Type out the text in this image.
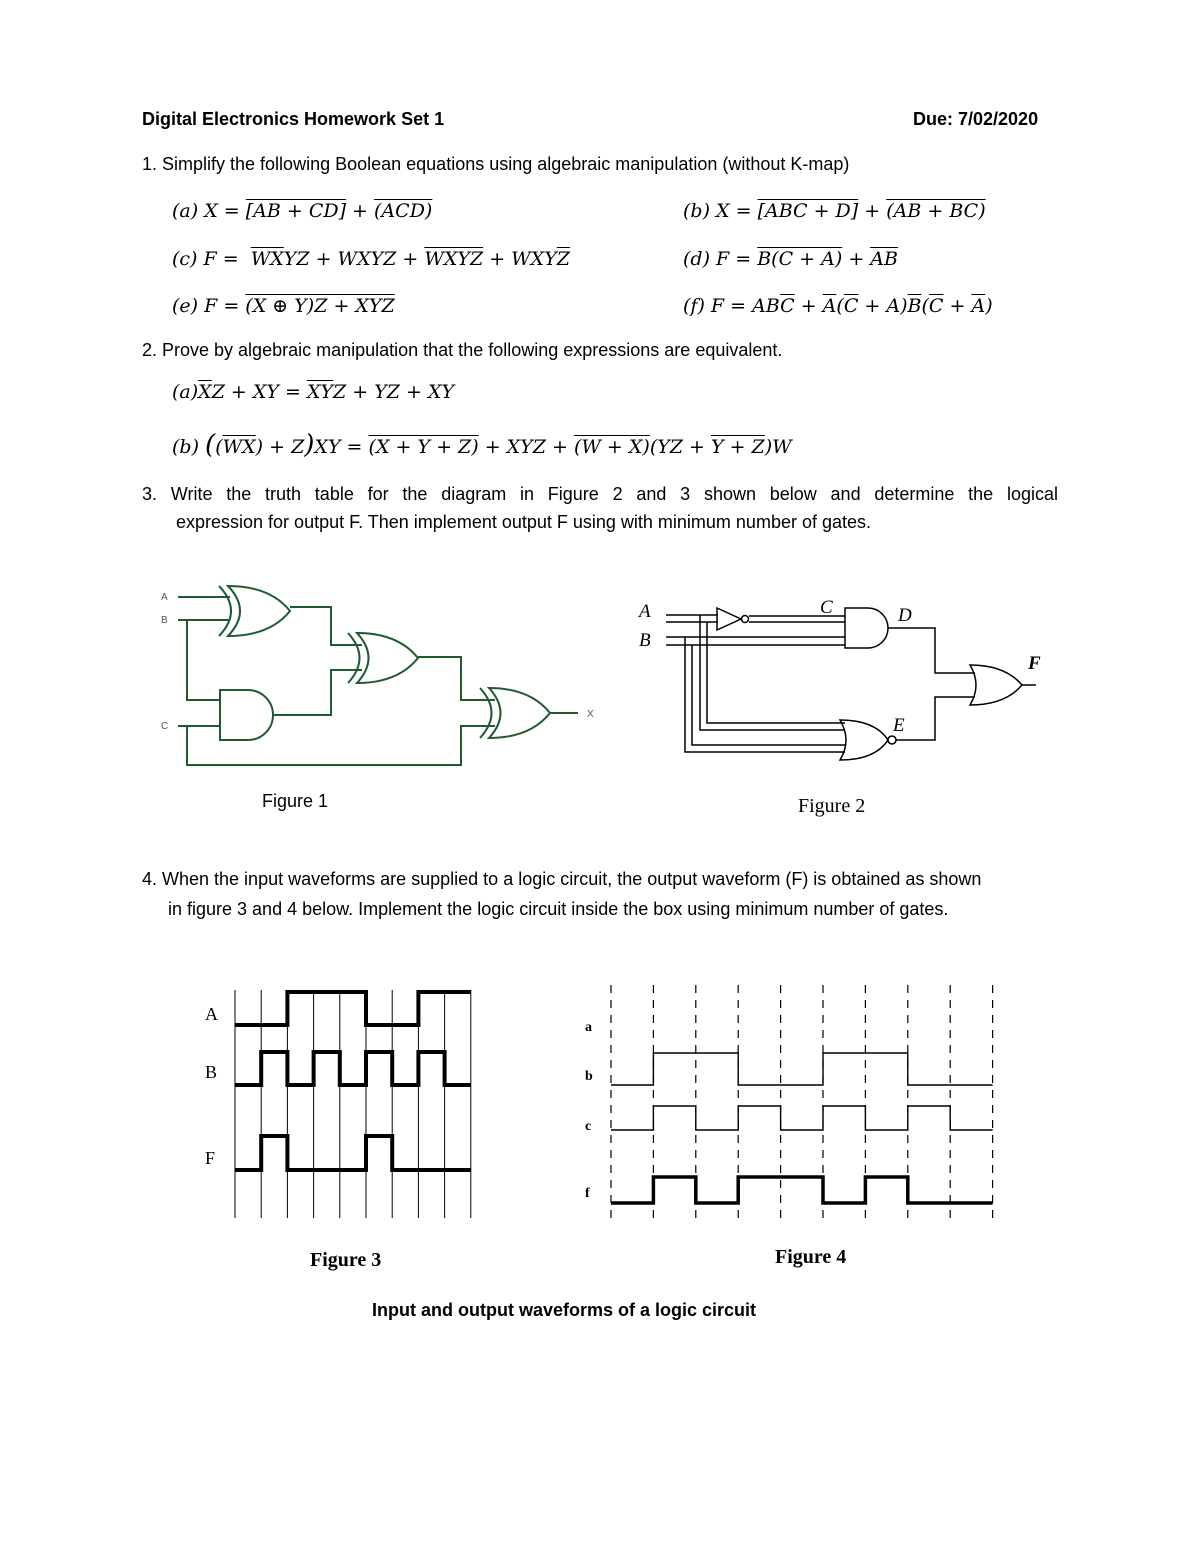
Digital Electronics Homework Set 1	Due: 7/02/2020
1. Simplify the following Boolean equations using algebraic manipulation (without K-map)
(a) X = [AB + CD] + (ACD)	(b) X = [ABC + D] + (AB + BC)
(c) $F = \overline{W}\overline{X}YZ$ + WXYZ + $\overline{W}\overline{X}\overline{Y}\overline{Z} + WXY\overline{Z}$	(d) F = B(C + A) + AB
(e) F = (X ⊕ Y)Z + XYZ	(f) $F = AB\overline{C} + \overline{A}(\overline{C} + A)\overline{B}(\overline{C} + \overline{A})$
2. Prove by algebraic manipulation that the following expressions are equivalent.
$(a)\overline{X}Z$ + XY = $\overline{X}\overline{Y}Z$ + YZ + XY
(b) ((WX) + Z)XY = (X + Y + Z) + XYZ + (W + X)(YZ + Y + Z)W
3. Write the truth table for the diagram in Figure 2 and 3 shown below and determine the logical
expression for output F. Then implement output F using with minimum number of gates.
A
B
C
X
A
B
C	D
E
F
A
B
F
a
b
c
f
Figure 1	Figure 2
4. When the input waveforms are supplied to a logic circuit, the output waveform (F) is obtained as shown
in figure 3 and 4 below. Implement the logic circuit inside the box using minimum number of gates.
Figure 3	Figure 4
Input and output waveforms of a logic circuit
